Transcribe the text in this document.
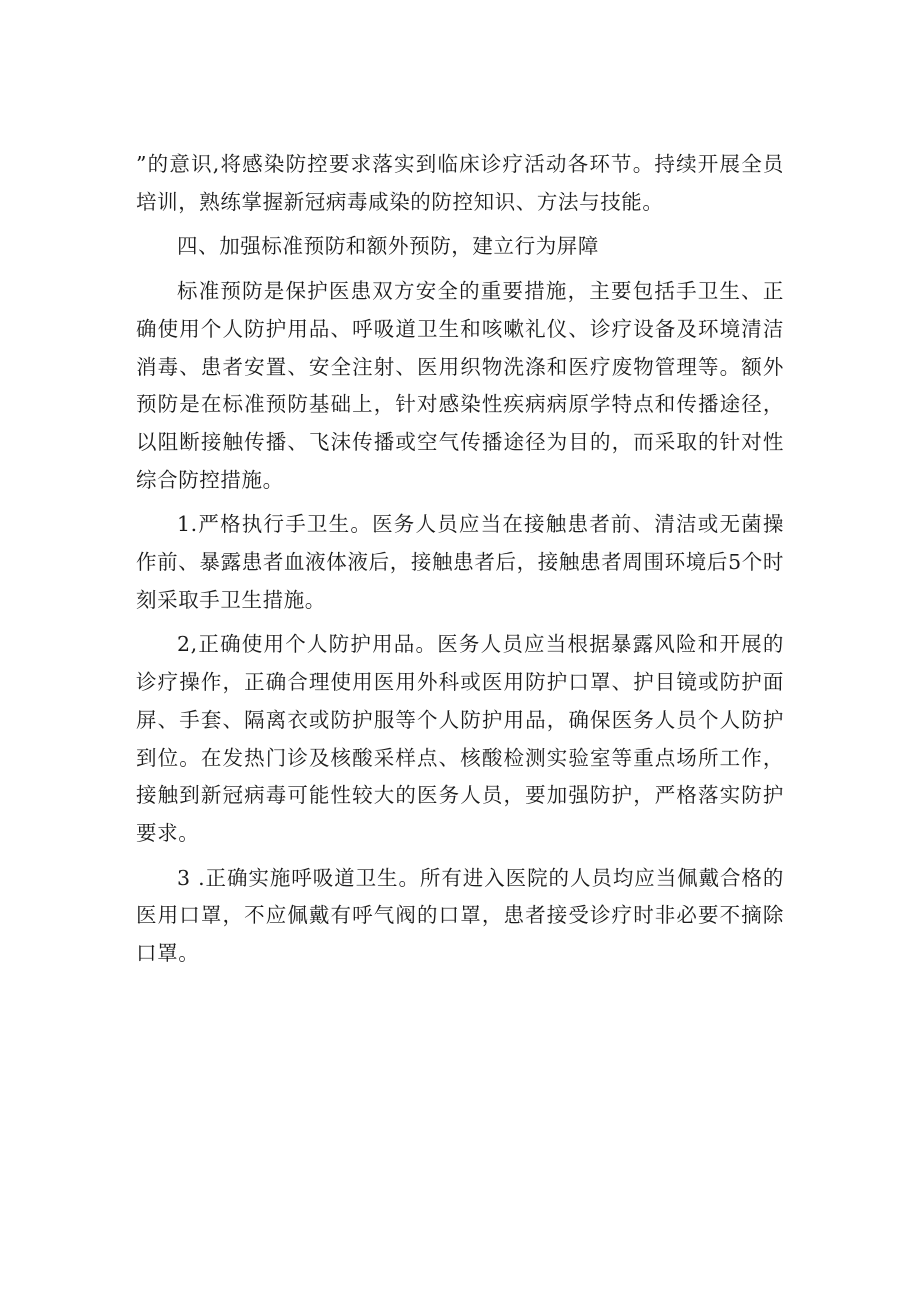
”的意识,将感染防控要求落实到临床诊疗活动各环节。持续开展全员培训，熟练掌握新冠病毒咸染的防控知识、方法与技能。

四、加强标准预防和额外预防，建立行为屏障

标准预防是保护医患双方安全的重要措施，主要包括手卫生、正确使用个人防护用品、呼吸道卫生和咳嗽礼仪、诊疗设备及环境清洁消毒、患者安置、安全注射、医用织物洗涤和医疗废物管理等。额外预防是在标准预防基础上，针对感染性疾病病原学特点和传播途径，以阻断接触传播、飞沫传播或空气传播途径为目的，而采取的针对性综合防控措施。

1.严格执行手卫生。医务人员应当在接触患者前、清洁或无菌操作前、暴露患者血液体液后，接触患者后，接触患者周围环境后5个时刻采取手卫生措施。

2,正确使用个人防护用品。医务人员应当根据暴露风险和开展的诊疗操作，正确合理使用医用外科或医用防护口罩、护目镜或防护面屏、手套、隔离衣或防护服等个人防护用品，确保医务人员个人防护到位。在发热门诊及核酸采样点、核酸检测实验室等重点场所工作，接触到新冠病毒可能性较大的医务人员，要加强防护，严格落实防护要求。

3 .正确实施呼吸道卫生。所有进入医院的人员均应当佩戴合格的医用口罩，不应佩戴有呼气阀的口罩，患者接受诊疗时非必要不摘除口罩。
